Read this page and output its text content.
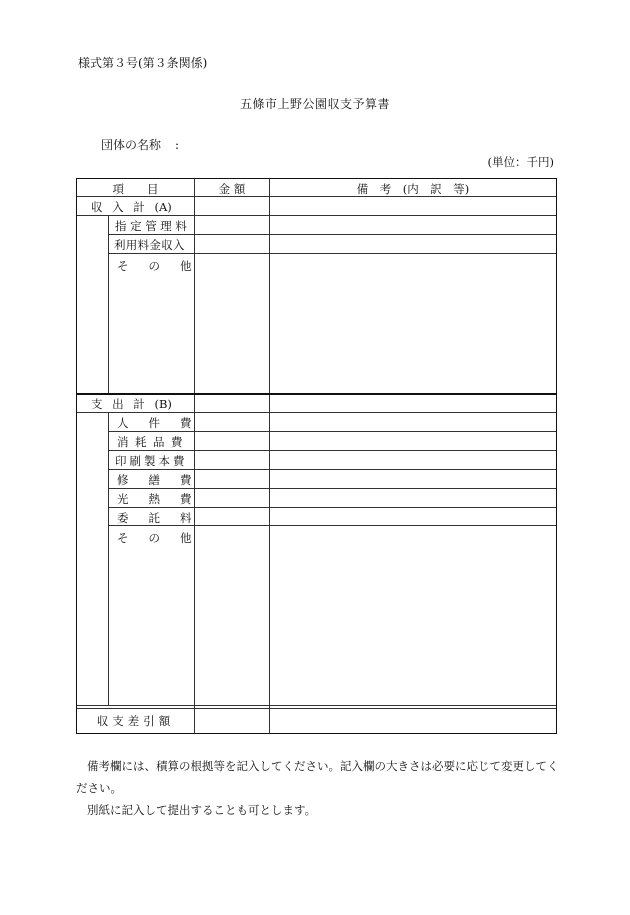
様式第３号(第３条関係)
五條市上野公園収支予算書
団体の名称 :
(単位：千円)
項　　目	金 額	備　考　(内　訳　等)
収 入 計 (A)
指定管理料
利用料金収入
その他
支 出 計 (B)
人件費
消耗品費
印刷製本費
修繕費
光熱費
委託料
その他
収支差引額
備考欄には、積算の根拠等を記入してください。記入欄の大きさは必要に応じて変更してください。
別紙に記入して提出することも可とします。
